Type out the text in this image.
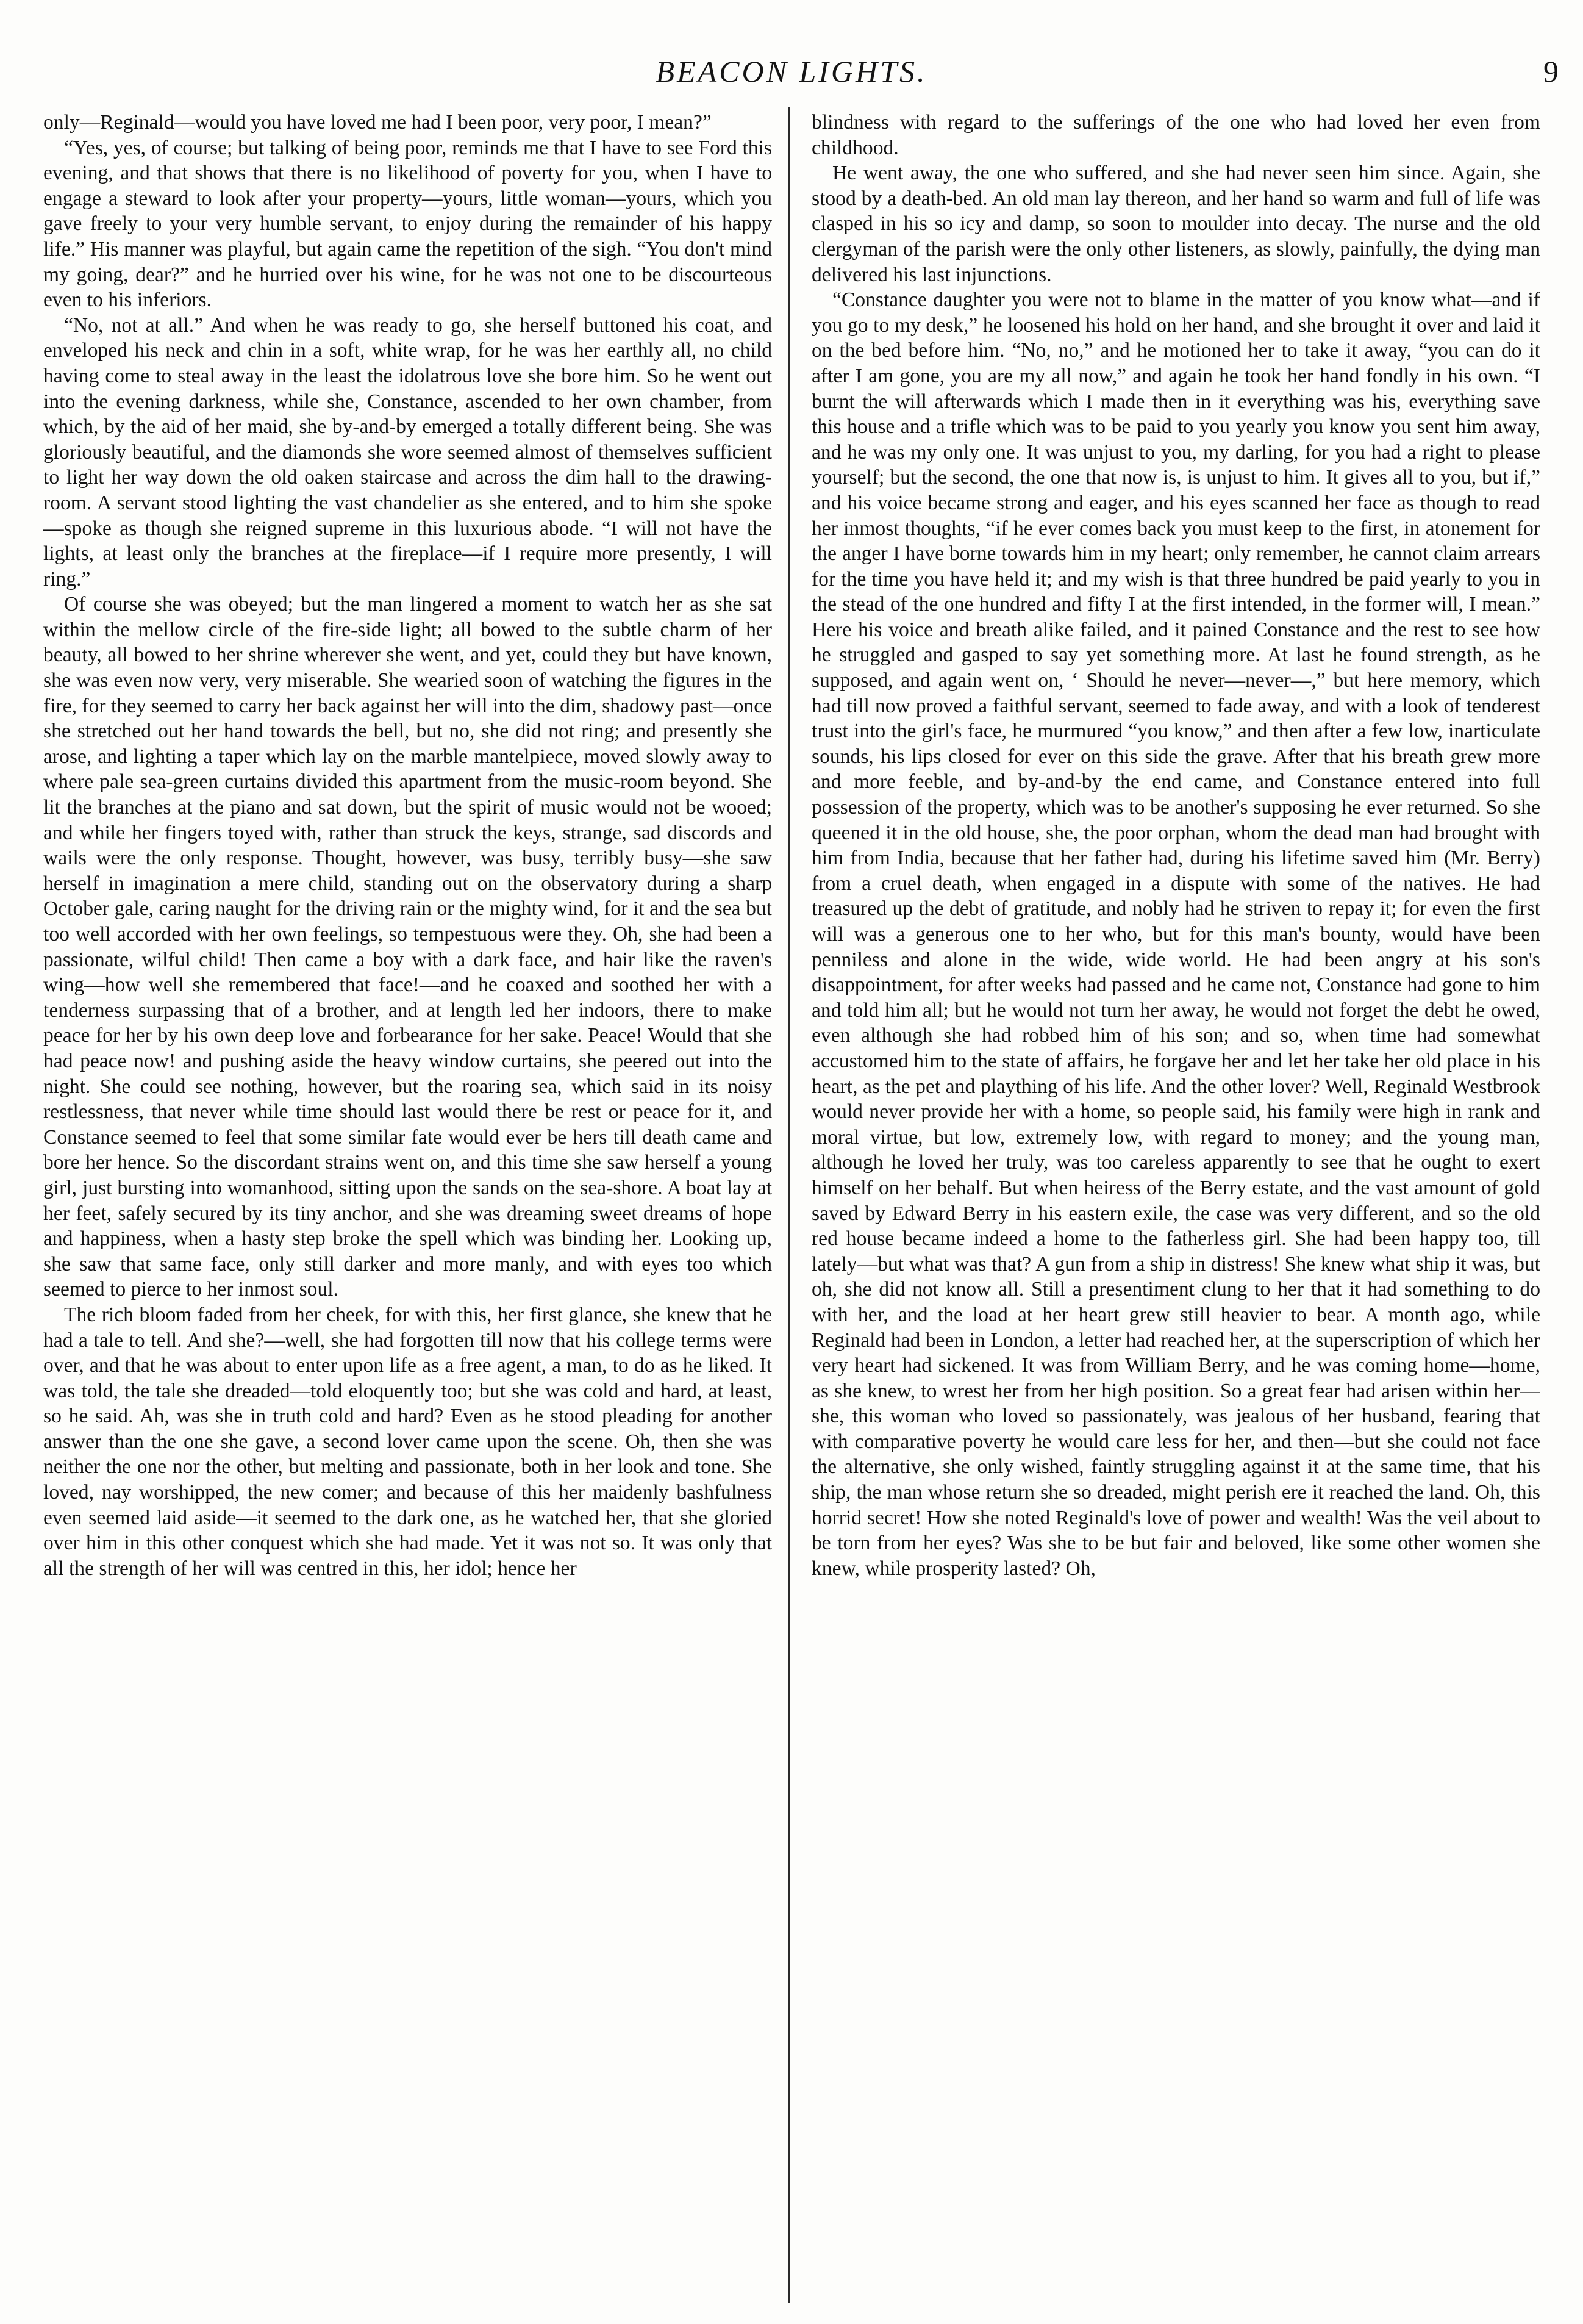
BEACON LIGHTS.	9

only—Reginald—would you have loved me had I been poor, very poor, I mean?”

“Yes, yes, of course; but talking of being poor, reminds me that I have to see Ford this evening, and that shows that there is no likelihood of poverty for you, when I have to engage a steward to look after your property—yours, little woman—yours, which you gave freely to your very humble servant, to enjoy during the remainder of his happy life.” His manner was playful, but again came the repetition of the sigh. “You don't mind my going, dear?” and he hurried over his wine, for he was not one to be discourteous even to his inferiors.

“No, not at all.” And when he was ready to go, she herself buttoned his coat, and enveloped his neck and chin in a soft, white wrap, for he was her earthly all, no child having come to steal away in the least the idolatrous love she bore him. So he went out into the evening darkness, while she, Constance, ascended to her own chamber, from which, by the aid of her maid, she by-and-by emerged a totally different being. She was gloriously beautiful, and the diamonds she wore seemed almost of themselves sufficient to light her way down the old oaken staircase and across the dim hall to the drawing-room. A servant stood lighting the vast chandelier as she entered, and to him she spoke—spoke as though she reigned supreme in this luxurious abode. “I will not have the lights, at least only the branches at the fireplace—if I require more presently, I will ring.”

Of course she was obeyed; but the man lingered a moment to watch her as she sat within the mellow circle of the fire-side light; all bowed to the subtle charm of her beauty, all bowed to her shrine wherever she went, and yet, could they but have known, she was even now very, very miserable. She wearied soon of watching the figures in the fire, for they seemed to carry her back against her will into the dim, shadowy past—once she stretched out her hand towards the bell, but no, she did not ring; and presently she arose, and lighting a taper which lay on the marble mantelpiece, moved slowly away to where pale sea-green curtains divided this apartment from the music-room beyond. She lit the branches at the piano and sat down, but the spirit of music would not be wooed; and while her fingers toyed with, rather than struck the keys, strange, sad discords and wails were the only response. Thought, however, was busy, terribly busy—she saw herself in imagination a mere child, standing out on the observatory during a sharp October gale, caring naught for the driving rain or the mighty wind, for it and the sea but too well accorded with her own feelings, so tempestuous were they. Oh, she had been a passionate, wilful child! Then came a boy with a dark face, and hair like the raven's wing—how well she remembered that face!—and he coaxed and soothed her with a tenderness surpassing that of a brother, and at length led her indoors, there to make peace for her by his own deep love and forbearance for her sake. Peace! Would that she had peace now! and pushing aside the heavy window curtains, she peered out into the night. She could see nothing, however, but the roaring sea, which said in its noisy restlessness, that never while time should last would there be rest or peace for it, and Constance seemed to feel that some similar fate would ever be hers till death came and bore her hence. So the discordant strains went on, and this time she saw herself a young girl, just bursting into womanhood, sitting upon the sands on the sea-shore. A boat lay at her feet, safely secured by its tiny anchor, and she was dreaming sweet dreams of hope and happiness, when a hasty step broke the spell which was binding her. Looking up, she saw that same face, only still darker and more manly, and with eyes too which seemed to pierce to her inmost soul.

The rich bloom faded from her cheek, for with this, her first glance, she knew that he had a tale to tell. And she?—well, she had forgotten till now that his college terms were over, and that he was about to enter upon life as a free agent, a man, to do as he liked. It was told, the tale she dreaded—told eloquently too; but she was cold and hard, at least, so he said. Ah, was she in truth cold and hard? Even as he stood pleading for another answer than the one she gave, a second lover came upon the scene. Oh, then she was neither the one nor the other, but melting and passionate, both in her look and tone. She loved, nay worshipped, the new comer; and because of this her maidenly bashfulness even seemed laid aside—it seemed to the dark one, as he watched her, that she gloried over him in this other conquest which she had made. Yet it was not so. It was only that all the strength of her will was centred in this, her idol; hence her

blindness with regard to the sufferings of the one who had loved her even from childhood.

He went away, the one who suffered, and she had never seen him since. Again, she stood by a death-bed. An old man lay thereon, and her hand so warm and full of life was clasped in his so icy and damp, so soon to moulder into decay. The nurse and the old clergyman of the parish were the only other listeners, as slowly, painfully, the dying man delivered his last injunctions.

“Constance daughter you were not to blame in the matter of you know what—and if you go to my desk,” he loosened his hold on her hand, and she brought it over and laid it on the bed before him. “No, no,” and he motioned her to take it away, “you can do it after I am gone, you are my all now,” and again he took her hand fondly in his own. “I burnt the will afterwards which I made then in it everything was his, everything save this house and a trifle which was to be paid to you yearly you know you sent him away, and he was my only one. It was unjust to you, my darling, for you had a right to please yourself; but the second, the one that now is, is unjust to him. It gives all to you, but if,” and his voice became strong and eager, and his eyes scanned her face as though to read her inmost thoughts, “if he ever comes back you must keep to the first, in atonement for the anger I have borne towards him in my heart; only remember, he cannot claim arrears for the time you have held it; and my wish is that three hundred be paid yearly to you in the stead of the one hundred and fifty I at the first intended, in the former will, I mean.” Here his voice and breath alike failed, and it pained Constance and the rest to see how he struggled and gasped to say yet something more. At last he found strength, as he supposed, and again went on, ‘ Should he never—never—,” but here memory, which had till now proved a faithful servant, seemed to fade away, and with a look of tenderest trust into the girl's face, he murmured “you know,” and then after a few low, inarticulate sounds, his lips closed for ever on this side the grave. After that his breath grew more and more feeble, and by-and-by the end came, and Constance entered into full possession of the property, which was to be another's supposing he ever returned. So she queened it in the old house, she, the poor orphan, whom the dead man had brought with him from India, because that her father had, during his lifetime saved him (Mr. Berry) from a cruel death, when engaged in a dispute with some of the natives. He had treasured up the debt of gratitude, and nobly had he striven to repay it; for even the first will was a generous one to her who, but for this man's bounty, would have been penniless and alone in the wide, wide world. He had been angry at his son's disappointment, for after weeks had passed and he came not, Constance had gone to him and told him all; but he would not turn her away, he would not forget the debt he owed, even although she had robbed him of his son; and so, when time had somewhat accustomed him to the state of affairs, he forgave her and let her take her old place in his heart, as the pet and plaything of his life. And the other lover? Well, Reginald Westbrook would never provide her with a home, so people said, his family were high in rank and moral virtue, but low, extremely low, with regard to money; and the young man, although he loved her truly, was too careless apparently to see that he ought to exert himself on her behalf. But when heiress of the Berry estate, and the vast amount of gold saved by Edward Berry in his eastern exile, the case was very different, and so the old red house became indeed a home to the fatherless girl. She had been happy too, till lately—but what was that? A gun from a ship in distress! She knew what ship it was, but oh, she did not know all. Still a presentiment clung to her that it had something to do with her, and the load at her heart grew still heavier to bear. A month ago, while Reginald had been in London, a letter had reached her, at the superscription of which her very heart had sickened. It was from William Berry, and he was coming home—home, as she knew, to wrest her from her high position. So a great fear had arisen within her—she, this woman who loved so passionately, was jealous of her husband, fearing that with comparative poverty he would care less for her, and then—but she could not face the alternative, she only wished, faintly struggling against it at the same time, that his ship, the man whose return she so dreaded, might perish ere it reached the land. Oh, this horrid secret! How she noted Reginald's love of power and wealth! Was the veil about to be torn from her eyes? Was she to be but fair and beloved, like some other women she knew, while prosperity lasted? Oh,
